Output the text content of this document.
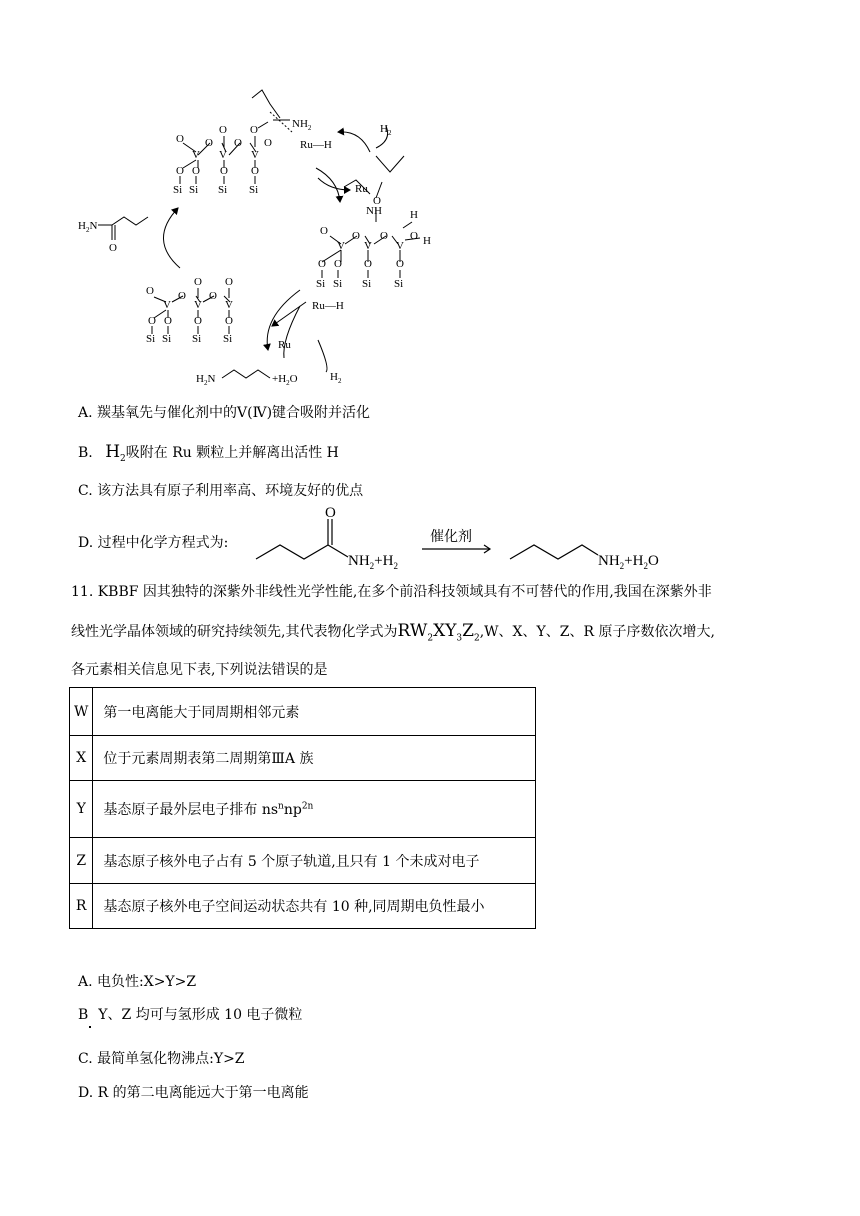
O
O O
V
O
V
O
V
O
O O O O
Si Si Si Si
$NH_2$	$H_2$
Ru—H
Ru
$H_2N$
O
NH
O
H
H
O
V
O
V
O
V
O
O O O O
Si Si Si Si
Ru—H
O
O O
V
O
V
O
V
O O O O
Si Si Si Si	Ru
$H_2$
$H_2N$	$+H_2O$
A. 羰基氧先与催化剂中的Ⅴ(Ⅳ)键合吸附并活化
B. $H_2$吸附在 Ru 颗粒上并解离出活性 H
C. 该方法具有原子利用率高、环境友好的优点
D. 过程中化学方程式为:
O
$NH_2+H_2$
催化剂
$NH_2+H_2O$
11. KBBF 因其独特的深紫外非线性光学性能,在多个前沿科技领域具有不可替代的作用,我国在深紫外非
线性光学晶体领域的研究持续领先,其代表物化学式为$RW_2XY_3Z_2,W$、X、Y、Z、R 原子序数依次增大,
各元素相关信息见下表,下列说法错误的是
W	第一电离能大于同周期相邻元素
X	位于元素周期表第二周期第ⅢA 族
Y	基态原子最外层电子排布 $ns^nnp^{2n}$
Z	基态原子核外电子占有 5 个原子轨道,且只有 1 个未成对电子
R	基态原子核外电子空间运动状态共有 10 种,同周期电负性最小
A. 电负性:X>Y>Z
B Y、Z 均可与氢形成 10 电子微粒
C. 最简单氢化物沸点:Y>Z
D. R 的第二电离能远大于第一电离能
